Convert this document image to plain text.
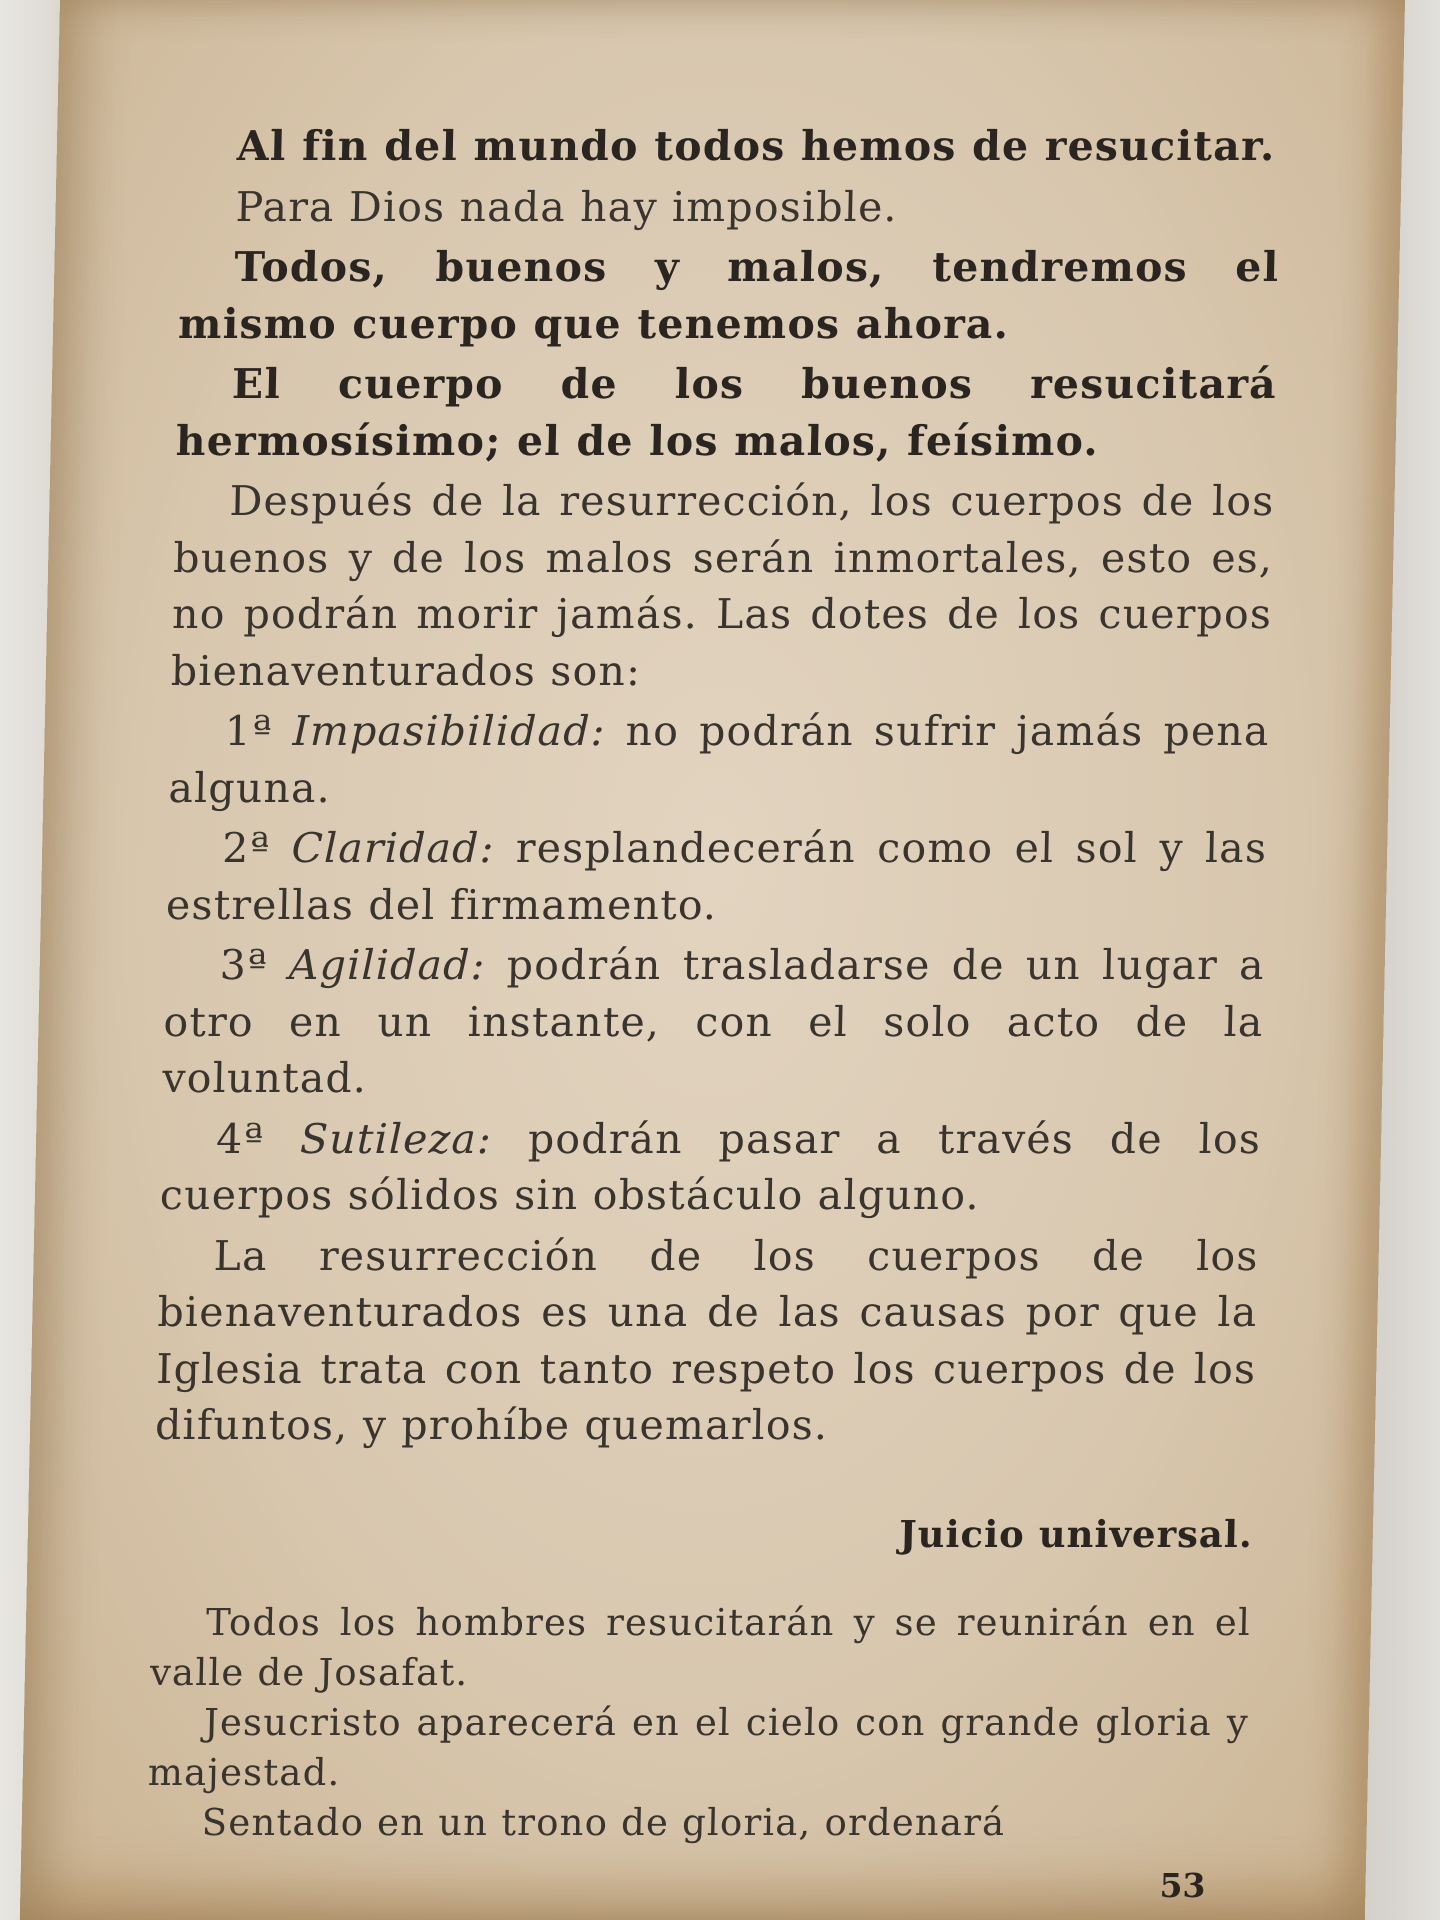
Al fin del mundo todos hemos de resucitar.

Para Dios nada hay imposible.

Todos, buenos y malos, tendremos el mismo cuerpo que tenemos ahora.

El cuerpo de los buenos resucitará hermosísimo; el de los malos, feísimo.

Después de la resurrección, los cuerpos de los buenos y de los malos serán inmortales, esto es, no podrán morir jamás. Las dotes de los cuerpos bienaventurados son:

1ª Impasibilidad: no podrán sufrir jamás pena alguna.

2ª Claridad: resplandecerán como el sol y las estrellas del firmamento.

3ª Agilidad: podrán trasladarse de un lugar a otro en un instante, con el solo acto de la voluntad.

4ª Sutileza: podrán pasar a través de los cuerpos sólidos sin obstáculo alguno.

La resurrección de los cuerpos de los bienaventurados es una de las causas por que la Iglesia trata con tanto respeto los cuerpos de los difuntos, y prohíbe quemarlos.

Juicio universal.

Todos los hombres resucitarán y se reunirán en el valle de Josafat.

Jesucristo aparecerá en el cielo con grande gloria y majestad.

Sentado en un trono de gloria, ordenará

53
